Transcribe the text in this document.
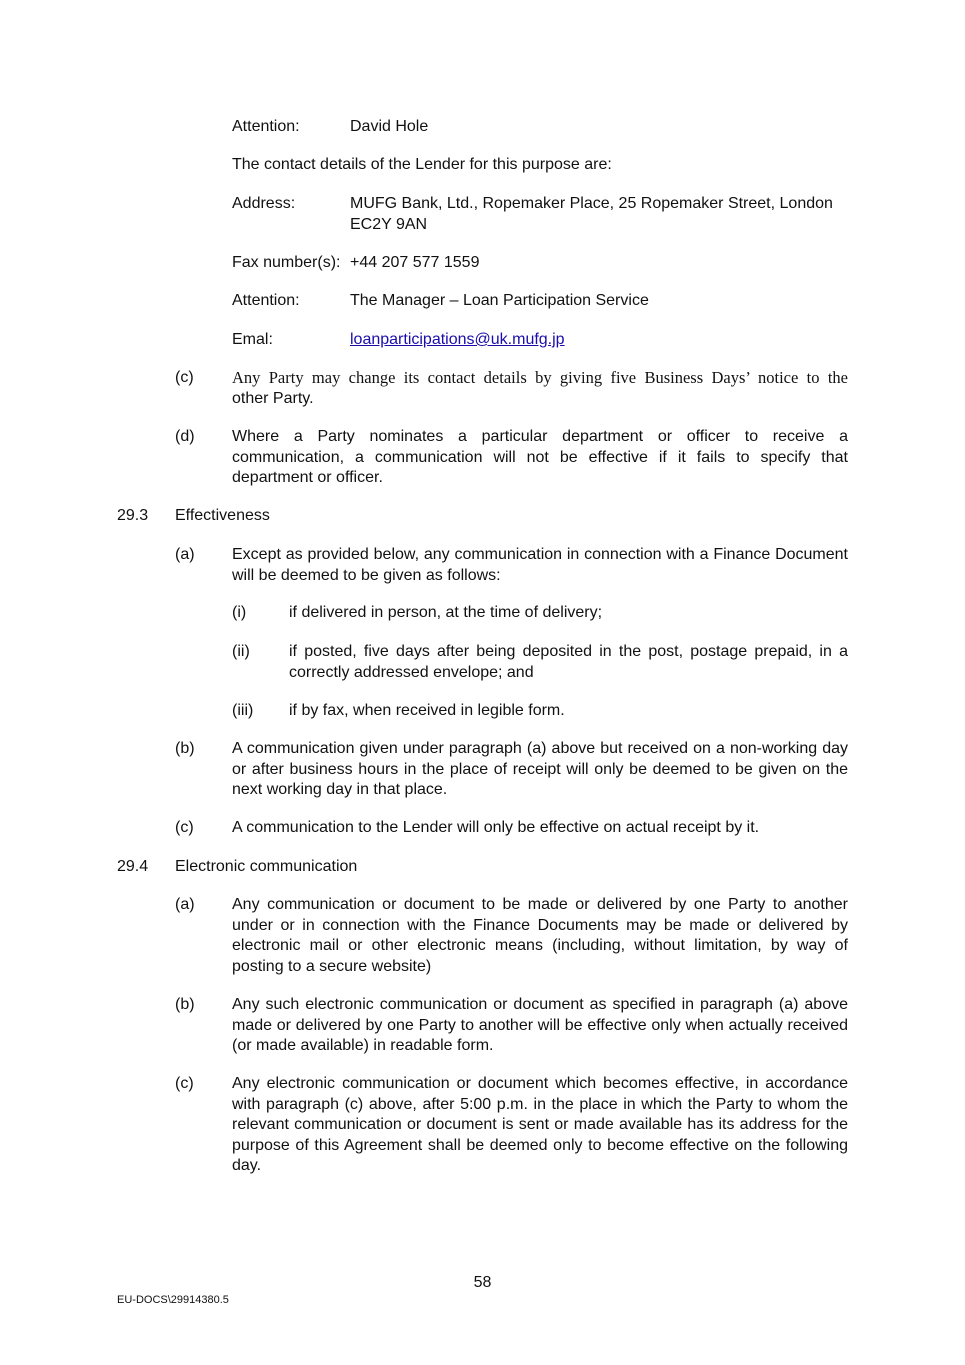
Attention:	David Hole
The contact details of the Lender for this purpose are:
Address:	MUFG Bank, Ltd., Ropemaker Place, 25 Ropemaker Street, London EC2Y 9AN
Fax number(s): +44 207 577 1559
Attention:	The Manager – Loan Participation Service
Emal:	loanparticipations@uk.mufg.jp
(c) Any Party may change its contact details by giving five Business Days’ notice to the
other Party.
(d) Where a Party nominates a particular department or officer to receive a communication, a communication will not be effective if it fails to specify that department or officer.
29.3 Effectiveness
(a) Except as provided below, any communication in connection with a Finance Document will be deemed to be given as follows:
(i)	if delivered in person, at the time of delivery;
(ii) if posted, five days after being deposited in the post, postage prepaid, in a correctly addressed envelope; and
(iii) if by fax, when received in legible form.
(b) A communication given under paragraph (a) above but received on a non-working day or after business hours in the place of receipt will only be deemed to be given on the next working day in that place.
(c) A communication to the Lender will only be effective on actual receipt by it.
29.4 Electronic communication
(a) Any communication or document to be made or delivered by one Party to another under or in connection with the Finance Documents may be made or delivered by electronic mail or other electronic means (including, without limitation, by way of posting to a secure website)
(b) Any such electronic communication or document as specified in paragraph (a) above made or delivered by one Party to another will be effective only when actually received (or made available) in readable form.
(c) Any electronic communication or document which becomes effective, in accordance with paragraph (c) above, after 5:00 p.m. in the place in which the Party to whom the relevant communication or document is sent or made available has its address for the purpose of this Agreement shall be deemed only to become effective on the following day.
58
EU-DOCS\29914380.5
